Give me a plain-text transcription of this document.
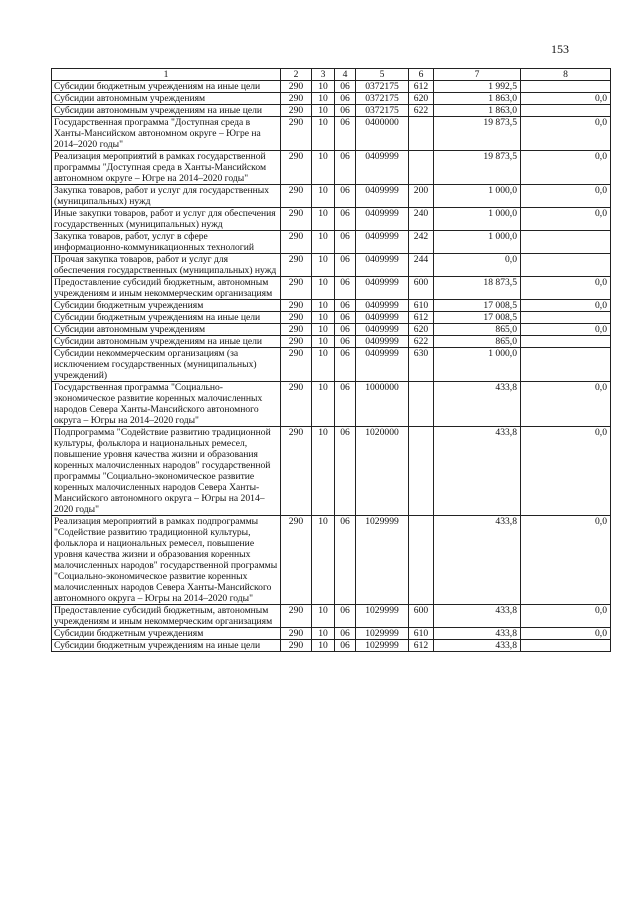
153
1	2	3	4	5	6	7	8
Субсидии бюджетным учреждениям на иные цели	290	10	06	0372175	612	1 992,5	
Субсидии автономным учреждениям	290	10	06	0372175	620	1 863,0	0,0
Субсидии автономным учреждениям на иные цели	290	10	06	0372175	622	1 863,0	
Государственная программа "Доступная среда в Ханты-Мансийском автономном округе – Югре на 2014–2020 годы"	290	10	06	0400000		19 873,5	0,0
Реализация мероприятий в рамках государственной программы "Доступная среда в Ханты-Мансийском автономном округе – Югре на 2014–2020 годы"	290	10	06	0409999		19 873,5	0,0
Закупка товаров, работ и услуг для государственных (муниципальных) нужд	290	10	06	0409999	200	1 000,0	0,0
Иные закупки товаров, работ и услуг для обеспечения государственных (муниципальных) нужд	290	10	06	0409999	240	1 000,0	0,0
Закупка товаров, работ, услуг в сфере информационно-коммуникационных технологий	290	10	06	0409999	242	1 000,0	
Прочая закупка товаров, работ и услуг для обеспечения государственных (муниципальных) нужд	290	10	06	0409999	244	0,0	
Предоставление субсидий бюджетным, автономным учреждениям и иным некоммерческим организациям	290	10	06	0409999	600	18 873,5	0,0
Субсидии бюджетным учреждениям	290	10	06	0409999	610	17 008,5	0,0
Субсидии бюджетным учреждениям на иные цели	290	10	06	0409999	612	17 008,5	
Субсидии автономным учреждениям	290	10	06	0409999	620	865,0	0,0
Субсидии автономным учреждениям на иные цели	290	10	06	0409999	622	865,0	
Субсидии некоммерческим организациям (за исключением государственных (муниципальных) учреждений)	290	10	06	0409999	630	1 000,0	
Государственная программа "Социально-экономическое развитие коренных малочисленных народов Севера Ханты-Мансийского автономного округа – Югры на 2014–2020 годы"	290	10	06	1000000		433,8	0,0
Подпрограмма "Содействие развитию традиционной культуры, фольклора и национальных ремесел, повышение уровня качества жизни и образования коренных малочисленных народов" государственной программы "Социально-экономическое развитие коренных малочисленных народов Севера Ханты-Мансийского автономного округа – Югры на 2014–2020 годы"	290	10	06	1020000		433,8	0,0
Реализация мероприятий в рамках подпрограммы "Содействие развитию традиционной культуры, фольклора и национальных ремесел, повышение уровня качества жизни и образования коренных малочисленных народов" государственной программы "Социально-экономическое развитие коренных малочисленных народов Севера Ханты-Мансийского автономного округа – Югры на 2014–2020 годы"	290	10	06	1029999		433,8	0,0
Предоставление субсидий бюджетным, автономным учреждениям и иным некоммерческим организациям	290	10	06	1029999	600	433,8	0,0
Субсидии бюджетным учреждениям	290	10	06	1029999	610	433,8	0,0
Субсидии бюджетным учреждениям на иные цели	290	10	06	1029999	612	433,8	
